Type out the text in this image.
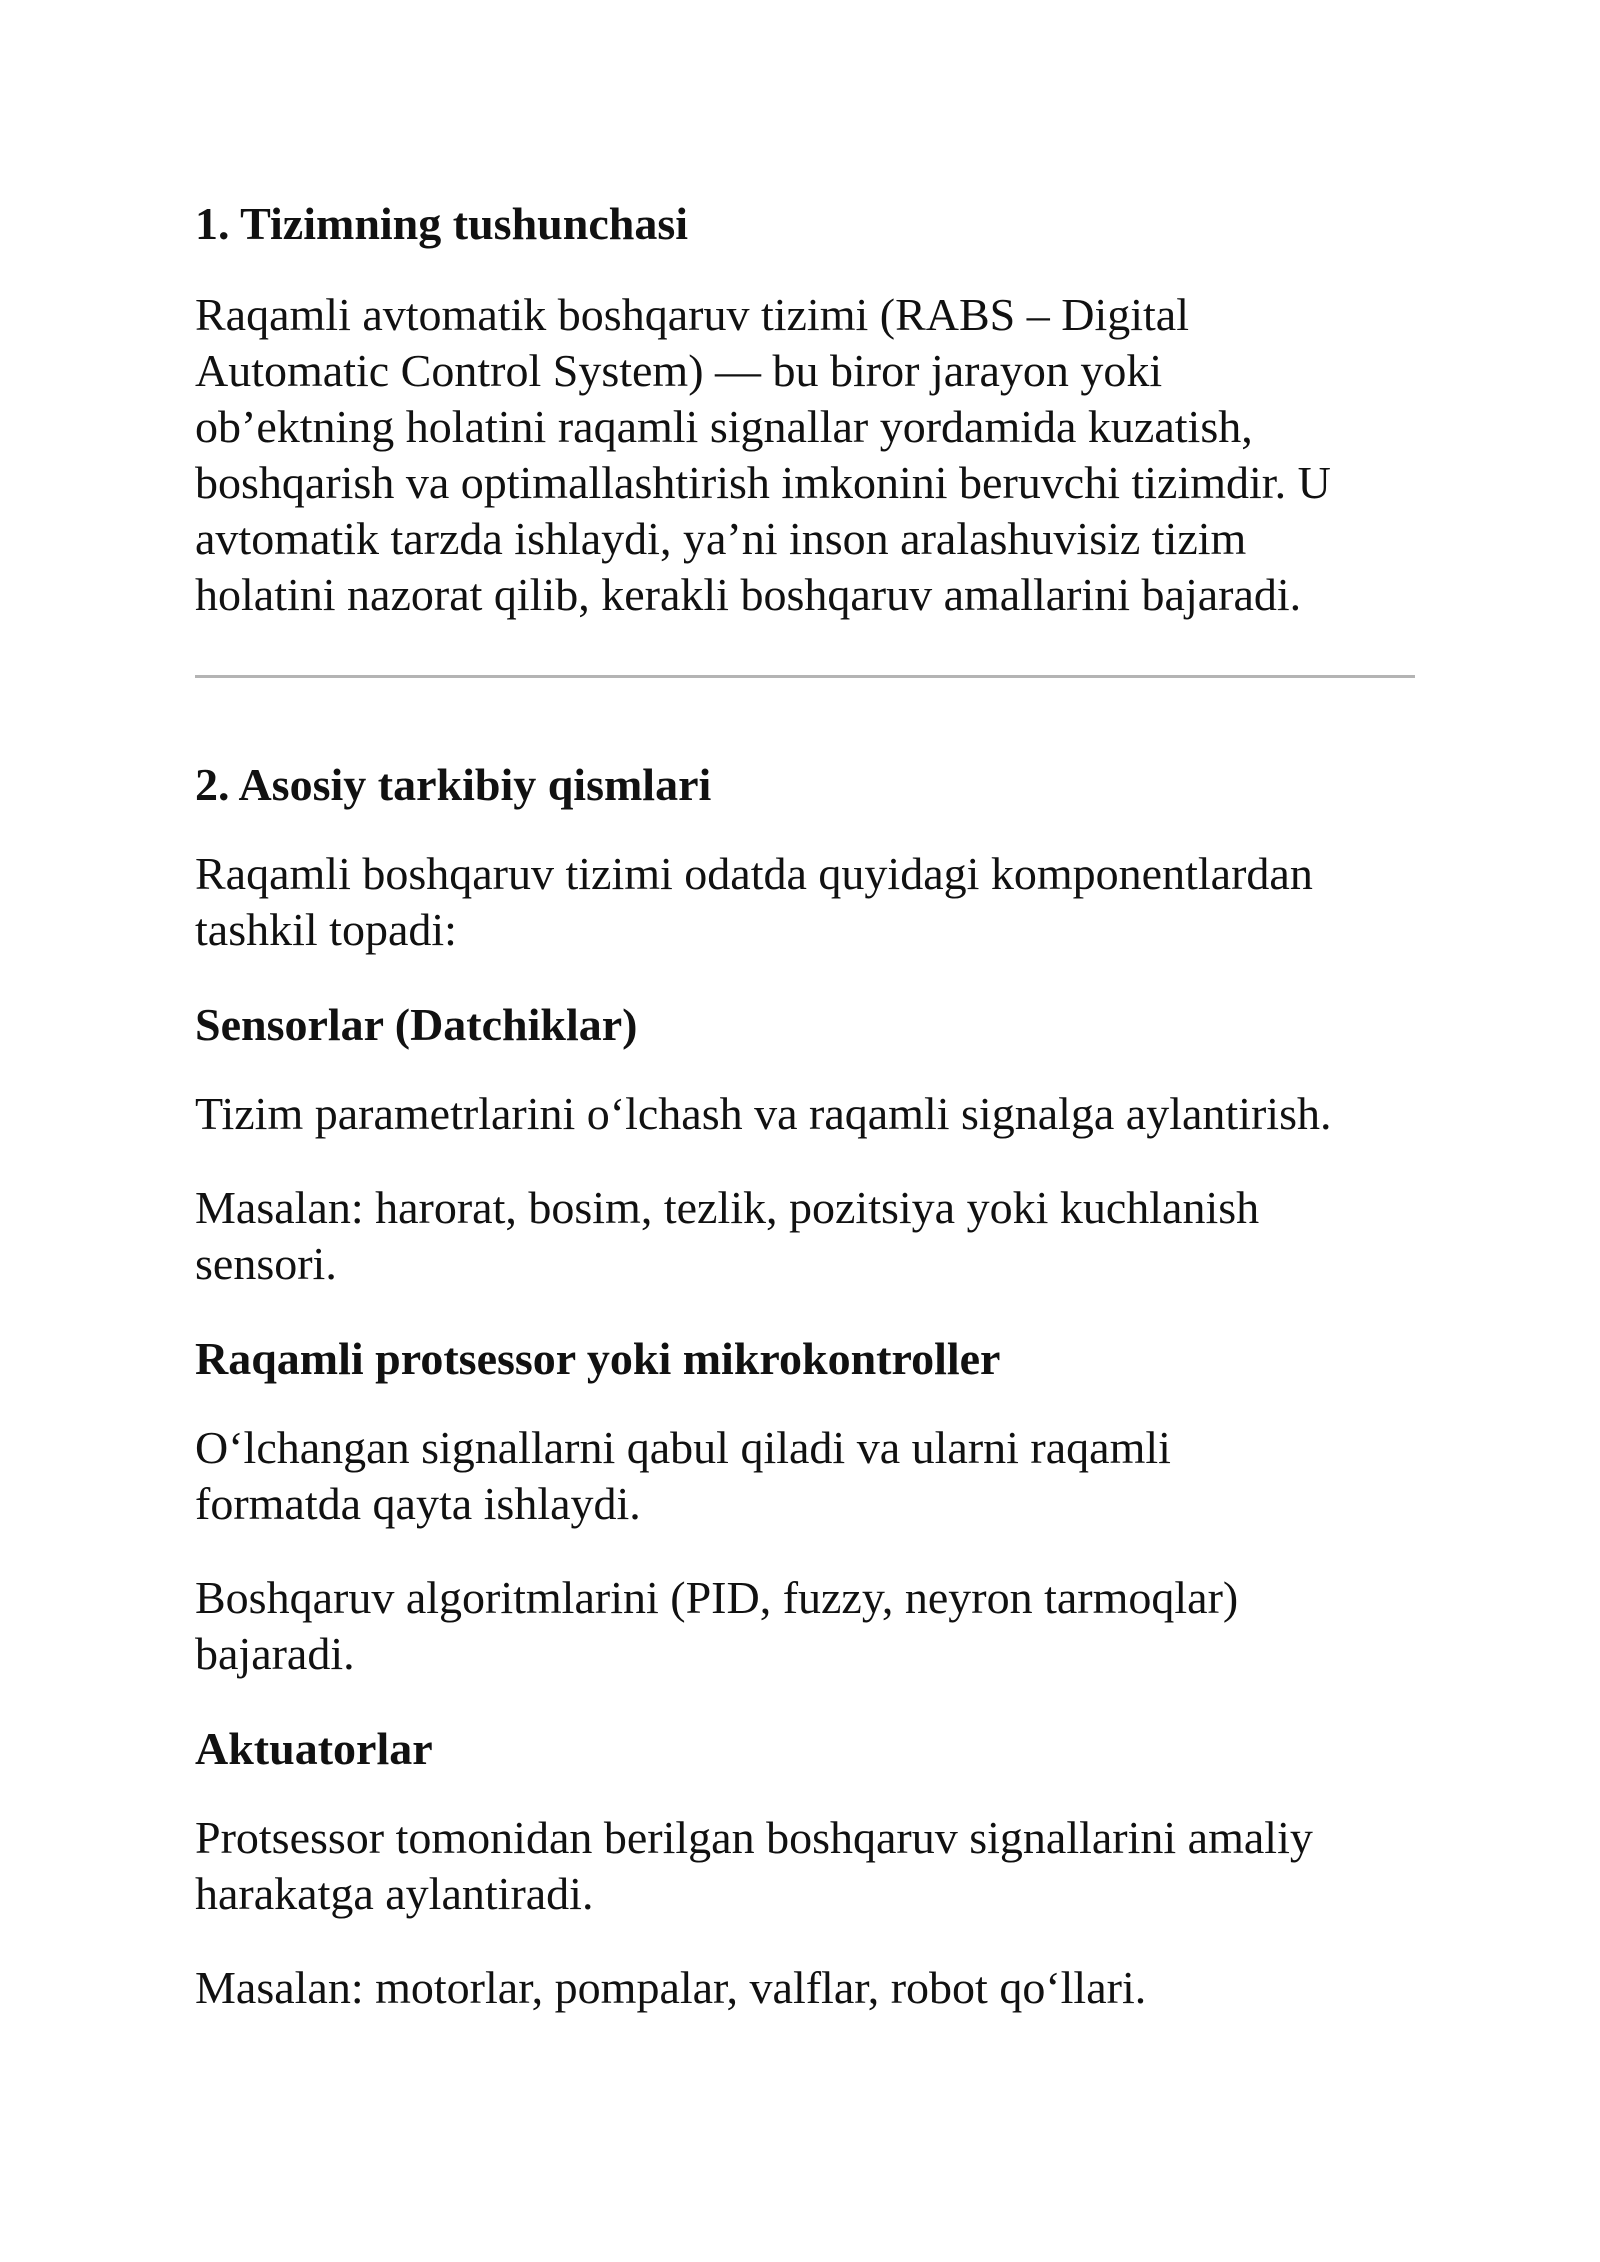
1. Tizimning tushunchasi

Raqamli avtomatik boshqaruv tizimi (RABS – Digital
Automatic Control System) — bu biror jarayon yoki
ob’ektning holatini raqamli signallar yordamida kuzatish,
boshqarish va optimallashtirish imkonini beruvchi tizimdir. U
avtomatik tarzda ishlaydi, ya’ni inson aralashuvisiz tizim
holatini nazorat qilib, kerakli boshqaruv amallarini bajaradi.

2. Asosiy tarkibiy qismlari

Raqamli boshqaruv tizimi odatda quyidagi komponentlardan
tashkil topadi:

Sensorlar (Datchiklar)

Tizim parametrlarini o‘lchash va raqamli signalga aylantirish.

Masalan: harorat, bosim, tezlik, pozitsiya yoki kuchlanish
sensori.

Raqamli protsessor yoki mikrokontroller

O‘lchangan signallarni qabul qiladi va ularni raqamli
formatda qayta ishlaydi.

Boshqaruv algoritmlarini (PID, fuzzy, neyron tarmoqlar)
bajaradi.

Aktuatorlar

Protsessor tomonidan berilgan boshqaruv signallarini amaliy
harakatga aylantiradi.

Masalan: motorlar, pompalar, valflar, robot qo‘llari.
